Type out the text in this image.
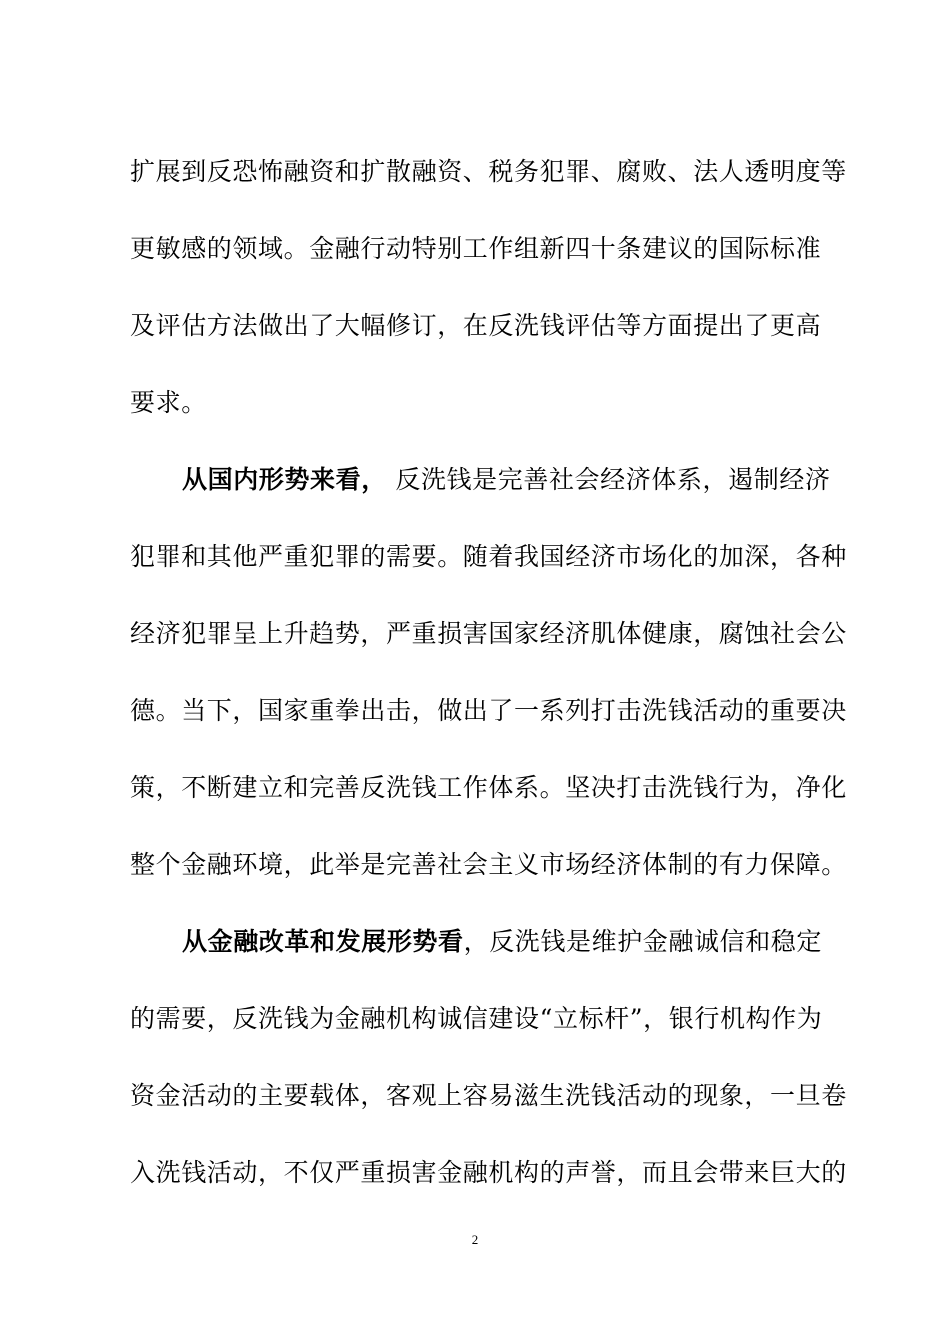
扩展到反恐怖融资和扩散融资、税务犯罪、腐败、法人透明度等
更敏感的领域。金融行动特别工作组新四十条建议的国际标准
及评估方法做出了大幅修订，在反洗钱评估等方面提出了更高
要求。
从国内形势来看， 反洗钱是完善社会经济体系，遏制经济
犯罪和其他严重犯罪的需要。随着我国经济市场化的加深，各种
经济犯罪呈上升趋势，严重损害国家经济肌体健康，腐蚀社会公
德。当下，国家重拳出击，做出了一系列打击洗钱活动的重要决
策，不断建立和完善反洗钱工作体系。坚决打击洗钱行为，净化
整个金融环境，此举是完善社会主义市场经济体制的有力保障。
从金融改革和发展形势看，反洗钱是维护金融诚信和稳定
的需要，反洗钱为金融机构诚信建设“立标杆”，银行机构作为
资金活动的主要载体，客观上容易滋生洗钱活动的现象，一旦卷
入洗钱活动，不仅严重损害金融机构的声誉，而且会带来巨大的
2
